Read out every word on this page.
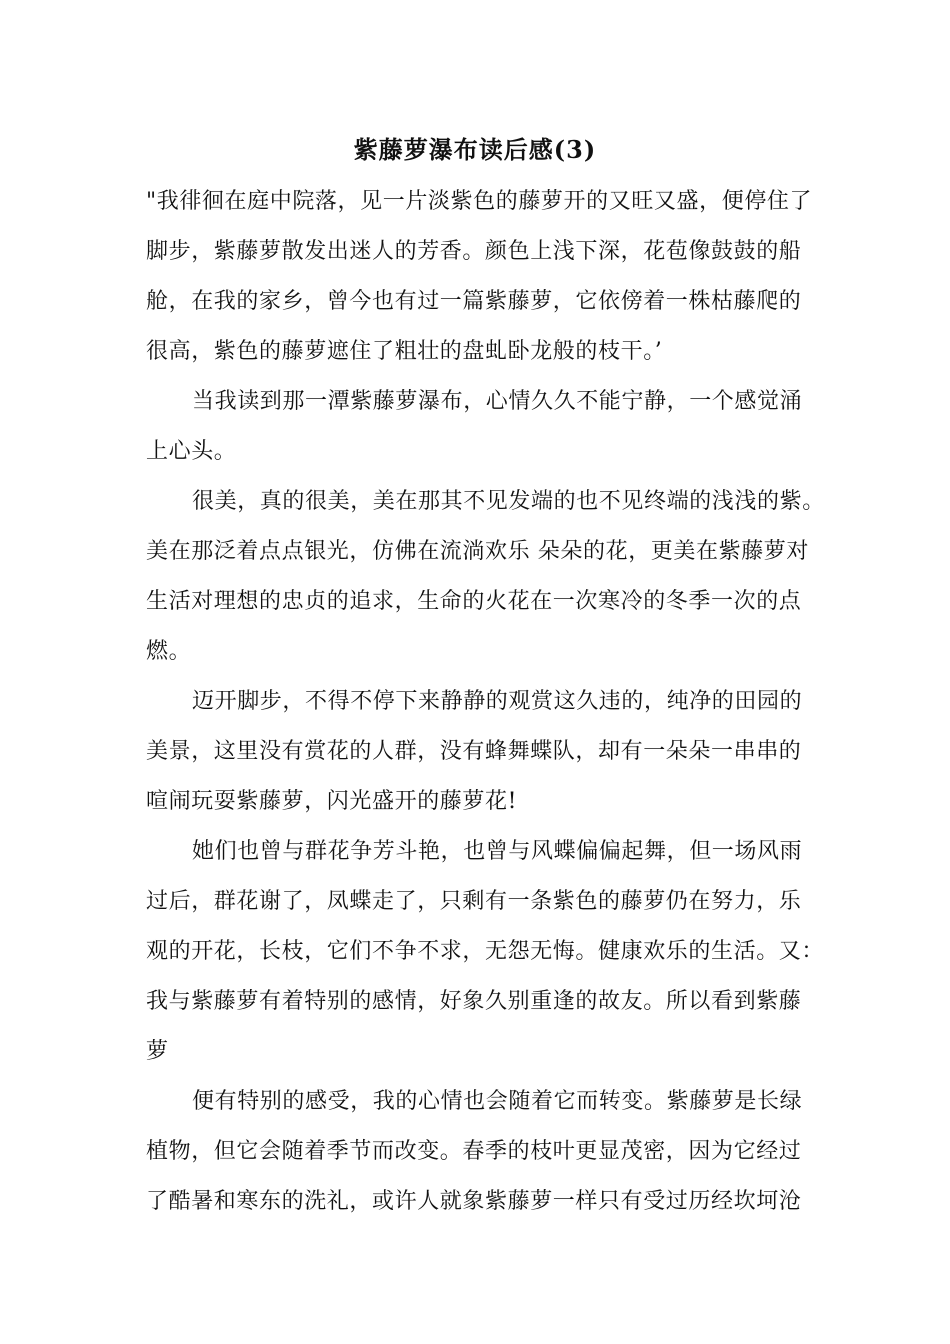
紫藤萝瀑布读后感(3)
"我徘徊在庭中院落，见一片淡紫色的藤萝开的又旺又盛，便停住了
脚步，紫藤萝散发出迷人的芳香。颜色上浅下深，花苞像鼓鼓的船
舱，在我的家乡，曾今也有过一篇紫藤萝，它依傍着一株枯藤爬的
很高，紫色的藤萝遮住了粗壮的盘虬卧龙般的枝干。’
当我读到那一潭紫藤萝瀑布，心情久久不能宁静，一个感觉涌
上心头。
很美，真的很美，美在那其不见发端的也不见终端的浅浅的紫。
美在那泛着点点银光，仿佛在流淌欢乐 朵朵的花，更美在紫藤萝对
生活对理想的忠贞的追求，生命的火花在一次寒冷的冬季一次的点
燃。
迈开脚步，不得不停下来静静的观赏这久违的，纯净的田园的
美景，这里没有赏花的人群，没有蜂舞蝶队，却有一朵朵一串串的
喧闹玩耍紫藤萝，闪光盛开的藤萝花!
她们也曾与群花争芳斗艳，也曾与风蝶偏偏起舞，但一场风雨
过后，群花谢了，凤蝶走了，只剩有一条紫色的藤萝仍在努力，乐
观的开花，长枝，它们不争不求，无怨无悔。健康欢乐的生活。又：
我与紫藤萝有着特别的感情，好象久别重逢的故友。所以看到紫藤
萝
便有特别的感受，我的心情也会随着它而转变。紫藤萝是长绿
植物，但它会随着季节而改变。春季的枝叶更显茂密，因为它经过
了酷暑和寒东的洗礼，或许人就象紫藤萝一样只有受过历经坎坷沧
